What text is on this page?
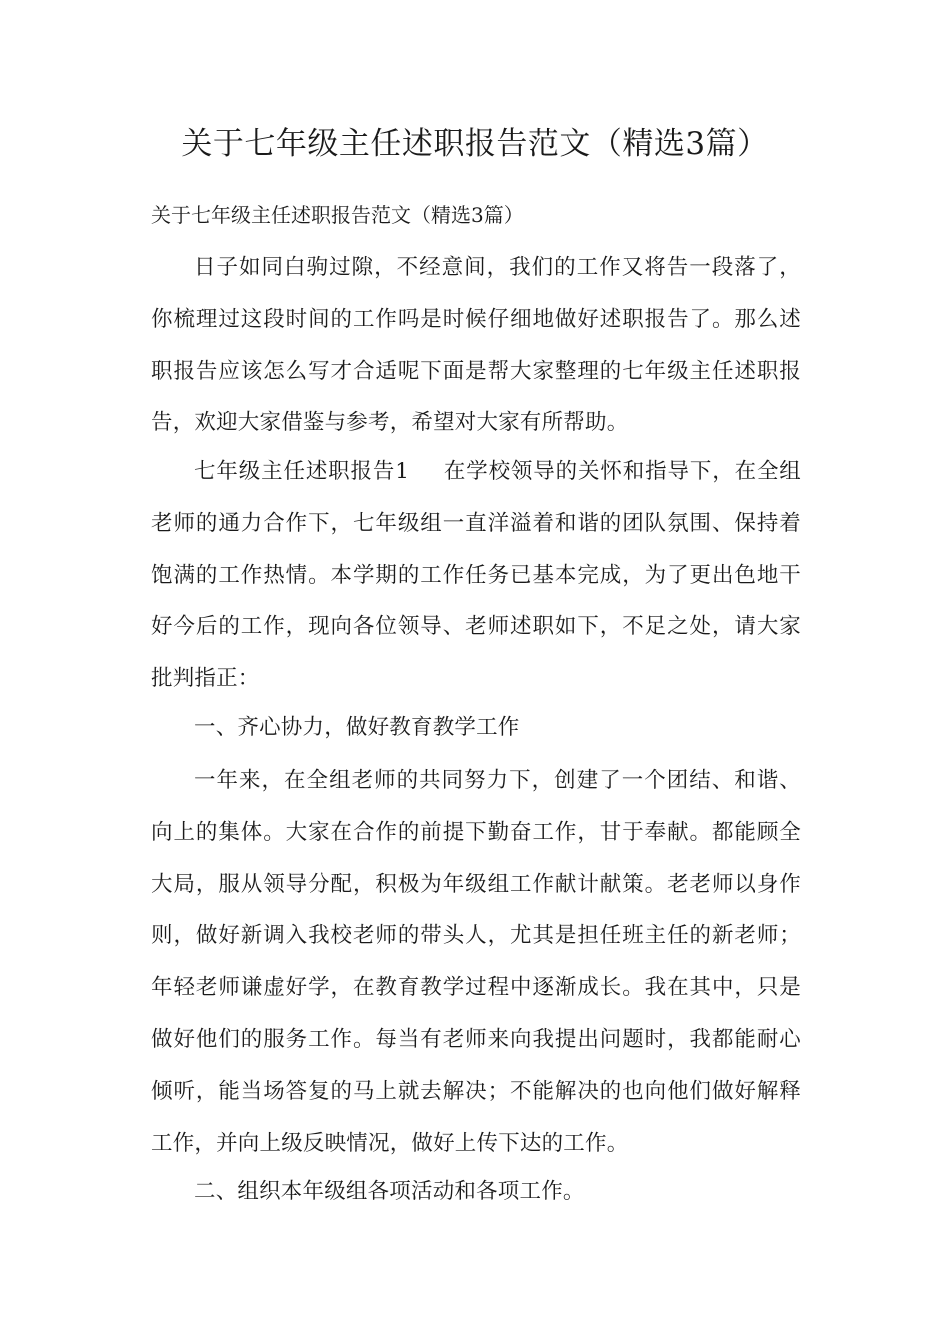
关于七年级主任述职报告范文（精选3篇）

关于七年级主任述职报告范文（精选3篇）

日子如同白驹过隙，不经意间，我们的工作又将告一段落了，你梳理过这段时间的工作吗是时候仔细地做好述职报告了。那么述职报告应该怎么写才合适呢下面是帮大家整理的七年级主任述职报告，欢迎大家借鉴与参考，希望对大家有所帮助。

七年级主任述职报告1 在学校领导的关怀和指导下，在全组老师的通力合作下，七年级组一直洋溢着和谐的团队氛围、保持着饱满的工作热情。本学期的工作任务已基本完成，为了更出色地干好今后的工作，现向各位领导、老师述职如下，不足之处，请大家批判指正：

一、齐心协力，做好教育教学工作

一年来，在全组老师的共同努力下，创建了一个团结、和谐、向上的集体。大家在合作的前提下勤奋工作，甘于奉献。都能顾全大局，服从领导分配，积极为年级组工作献计献策。老老师以身作则，做好新调入我校老师的带头人，尤其是担任班主任的新老师；年轻老师谦虚好学，在教育教学过程中逐渐成长。我在其中，只是做好他们的服务工作。每当有老师来向我提出问题时，我都能耐心倾听，能当场答复的马上就去解决；不能解决的也向他们做好解释工作，并向上级反映情况，做好上传下达的工作。

二、组织本年级组各项活动和各项工作。
